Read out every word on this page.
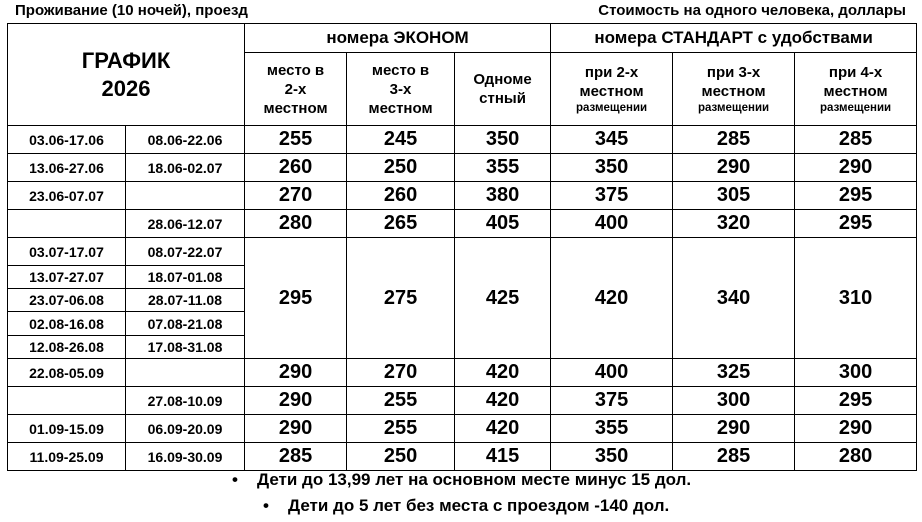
Проживание (10 ночей), проезд	Стоимость на одного человека, доллары
ГРАФИК
2026		номера ЭКОНОМ			номера СТАНДАРТ с удобствами		

		место в
2-х
местном	место в
3-х
местном	Одноме
стный	при 2-х
местном
размещении	при 3-х
местном
размещении	при 4-х
местном
размещении

03.06-17.06	08.06-22.06	255	245	350	345	285	285
13.06-27.06	18.06-02.07	260	250	355	350	290	290
23.06-07.07		270	260	380	375	305	295
	28.06-12.07	280	265	405	400	320	295
03.07-17.07	08.07-22.07	295	275	425	420	340	310
13.07-27.07	18.07-01.08						
23.07-06.08	28.07-11.08						
02.08-16.08	07.08-21.08						
12.08-26.08	17.08-31.08						
22.08-05.09		290	270	420	400	325	300
	27.08-10.09	290	255	420	375	300	295
01.09-15.09	06.09-20.09	290	255	420	355	290	290
11.09-25.09	16.09-30.09	285	250	415	350	285	280
• Дети до 13,99 лет на основном месте минус 15 дол.
• Дети до 5 лет без места с проездом -140 дол.
